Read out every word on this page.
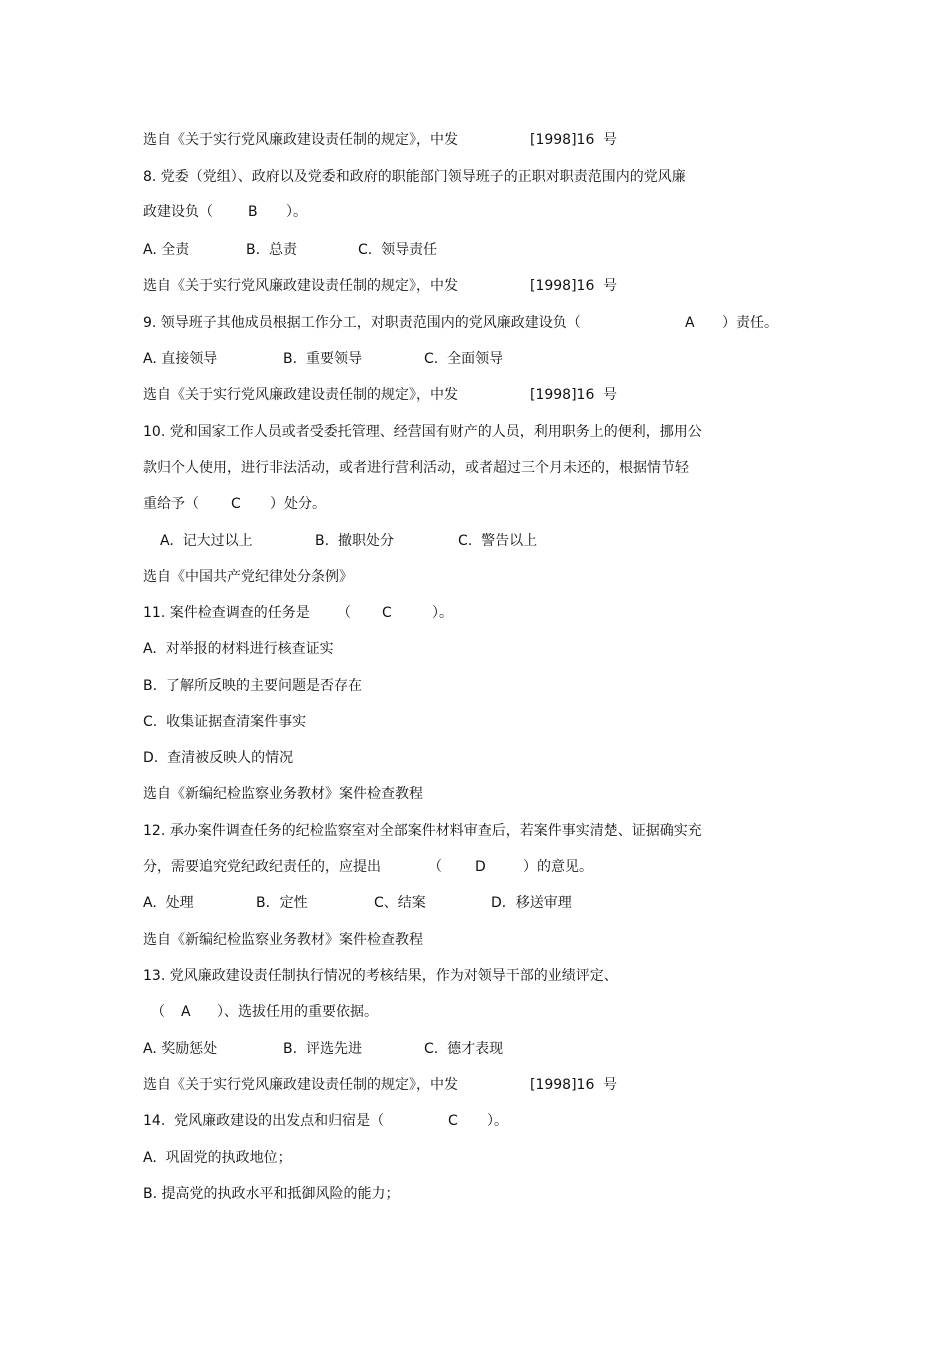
选自《关于实行党风廉政建设责任制的规定》，中发	[1998]16 号
8. 党委（党组）、政府以及党委和政府的职能部门领导班子的正职对职责范围内的党风廉
政建设负（	B ）。
A. 全责	B.  总责	C.  领导责任
选自《关于实行党风廉政建设责任制的规定》，中发	[1998]16 号
9. 领导班子其他成员根据工作分工，对职责范围内的党风廉政建设负（	A ）责任。
A. 直接领导	B.  重要领导	C.  全面领导
选自《关于实行党风廉政建设责任制的规定》，中发	[1998]16 号
10. 党和国家工作人员或者受委托管理、经营国有财产的人员，利用职务上的便利，挪用公
款归个人使用，进行非法活动，或者进行营利活动，或者超过三个月未还的，根据情节轻
重给予（ C ）处分。
A.  记大过以上	B.  撤职处分	C.  警告以上
选自《中国共产党纪律处分条例》
11. 案件检查调查的任务是 （ C	）。
A.  对举报的材料进行核查证实
B.  了解所反映的主要问题是否存在
C.  收集证据查清案件事实
D.  查清被反映人的情况
选自《新编纪检监察业务教材》案件检查教程
12. 承办案件调查任务的纪检监察室对全部案件材料审查后，若案件事实清楚、证据确实充
分，需要追究党纪政纪责任的，应提出	（ D	）的意见。
A.  处理	B．定性	C、结案	D．移送审理
选自《新编纪检监察业务教材》案件检查教程
13. 党风廉政建设责任制执行情况的考核结果，作为对领导干部的业绩评定、
（ A ）、选拔任用的重要依据。
A. 奖励惩处	B.  评选先进	C.  德才表现
选自《关于实行党风廉政建设责任制的规定》，中发	[1998]16 号
14.  党风廉政建设的出发点和归宿是（	C ）。
A.  巩固党的执政地位；
B. 提高党的执政水平和抵御风险的能力；
